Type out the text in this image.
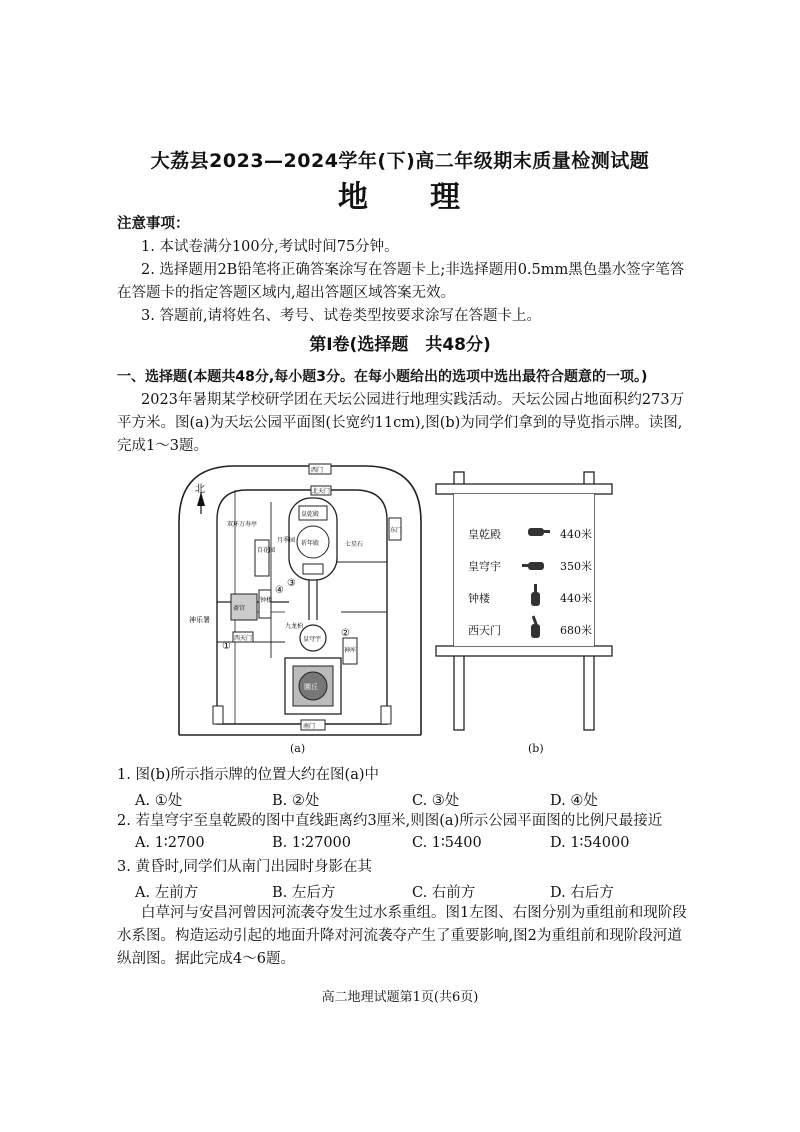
大荔县2023—2024学年(下)高二年级期末质量检测试题
地理
注意事项：
1. 本试卷满分100分,考试时间75分钟。
2. 选择题用2B铅笔将正确答案涂写在答题卡上;非选择题用0.5mm黑色墨水签字笔答
在答题卡的指定答题区域内,超出答题区域答案无效。
3. 答题前,请将姓名、考号、试卷类型按要求涂写在答题卡上。
第Ⅰ卷(选择题　共48分)
一、选择题(本题共48分,每小题3分。在每小题给出的选项中选出最符合题意的一项。)
2023年暑期某学校研学团在天坛公园进行地理实践活动。天坛公园占地面积约273万
平方米。图(a)为天坛公园平面图(长宽约11cm),图(b)为同学们拿到的导览指示牌。读图,
完成1～3题。
北
西门
北天门
皇乾殿
祈年殿
皇穹宇
圜丘
南门
双环万寿亭
百花园
月季园
斋宫
钟楼
神乐署
九龙柏
西天门
七星石
神库
东门
①
②
③
④
(a)
皇乾殿	440米
皇穹宇	350米
钟楼	440米
西天门	680米
(b)
1. 图(b)所示指示牌的位置大约在图(a)中
A. ①处	B. ②处	C. ③处	D. ④处
2. 若皇穹宇至皇乾殿的图中直线距离约3厘米,则图(a)所示公园平面图的比例尺最接近
A. 1∶2700	B. 1∶27000	C. 1∶5400	D. 1∶54000
3. 黄昏时,同学们从南门出园时身影在其
A. 左前方	B. 左后方	C. 右前方	D. 右后方
白草河与安昌河曾因河流袭夺发生过水系重组。图1左图、右图分别为重组前和现阶段
水系图。构造运动引起的地面升降对河流袭夺产生了重要影响,图2为重组前和现阶段河道
纵剖图。据此完成4～6题。
高二地理试题第1页(共6页)
